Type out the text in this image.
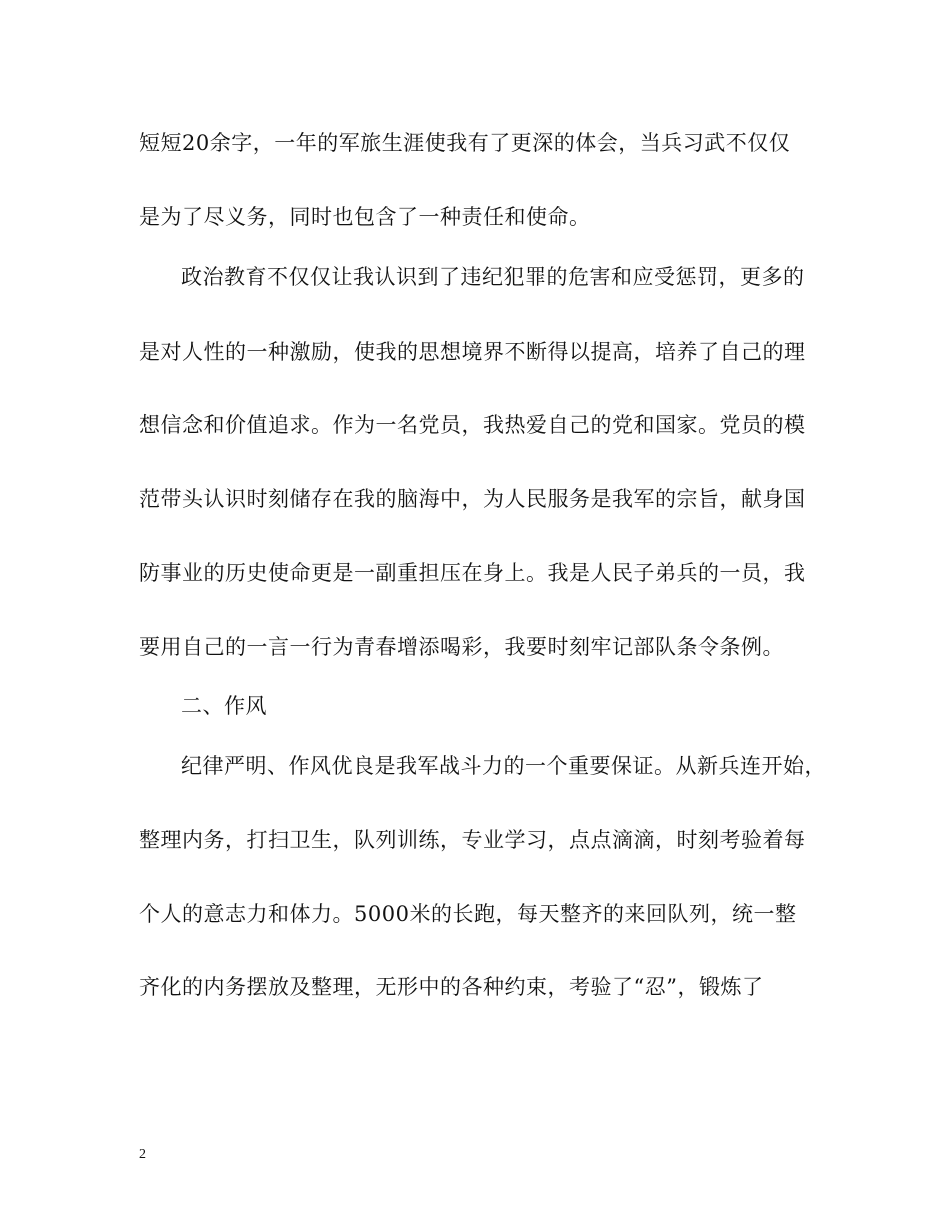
短短20余字，一年的军旅生涯使我有了更深的体会，当兵习武不仅仅
是为了尽义务，同时也包含了一种责任和使命。
政治教育不仅仅让我认识到了违纪犯罪的危害和应受惩罚，更多的
是对人性的一种激励，使我的思想境界不断得以提高，培养了自己的理
想信念和价值追求。作为一名党员，我热爱自己的党和国家。党员的模
范带头认识时刻储存在我的脑海中，为人民服务是我军的宗旨，献身国
防事业的历史使命更是一副重担压在身上。我是人民子弟兵的一员，我
要用自己的一言一行为青春增添喝彩，我要时刻牢记部队条令条例。
二、作风
纪律严明、作风优良是我军战斗力的一个重要保证。从新兵连开始，
整理内务，打扫卫生，队列训练，专业学习，点点滴滴，时刻考验着每
个人的意志力和体力。5000米的长跑，每天整齐的来回队列，统一整
齐化的内务摆放及整理，无形中的各种约束，考验了“忍”，锻炼了
2
